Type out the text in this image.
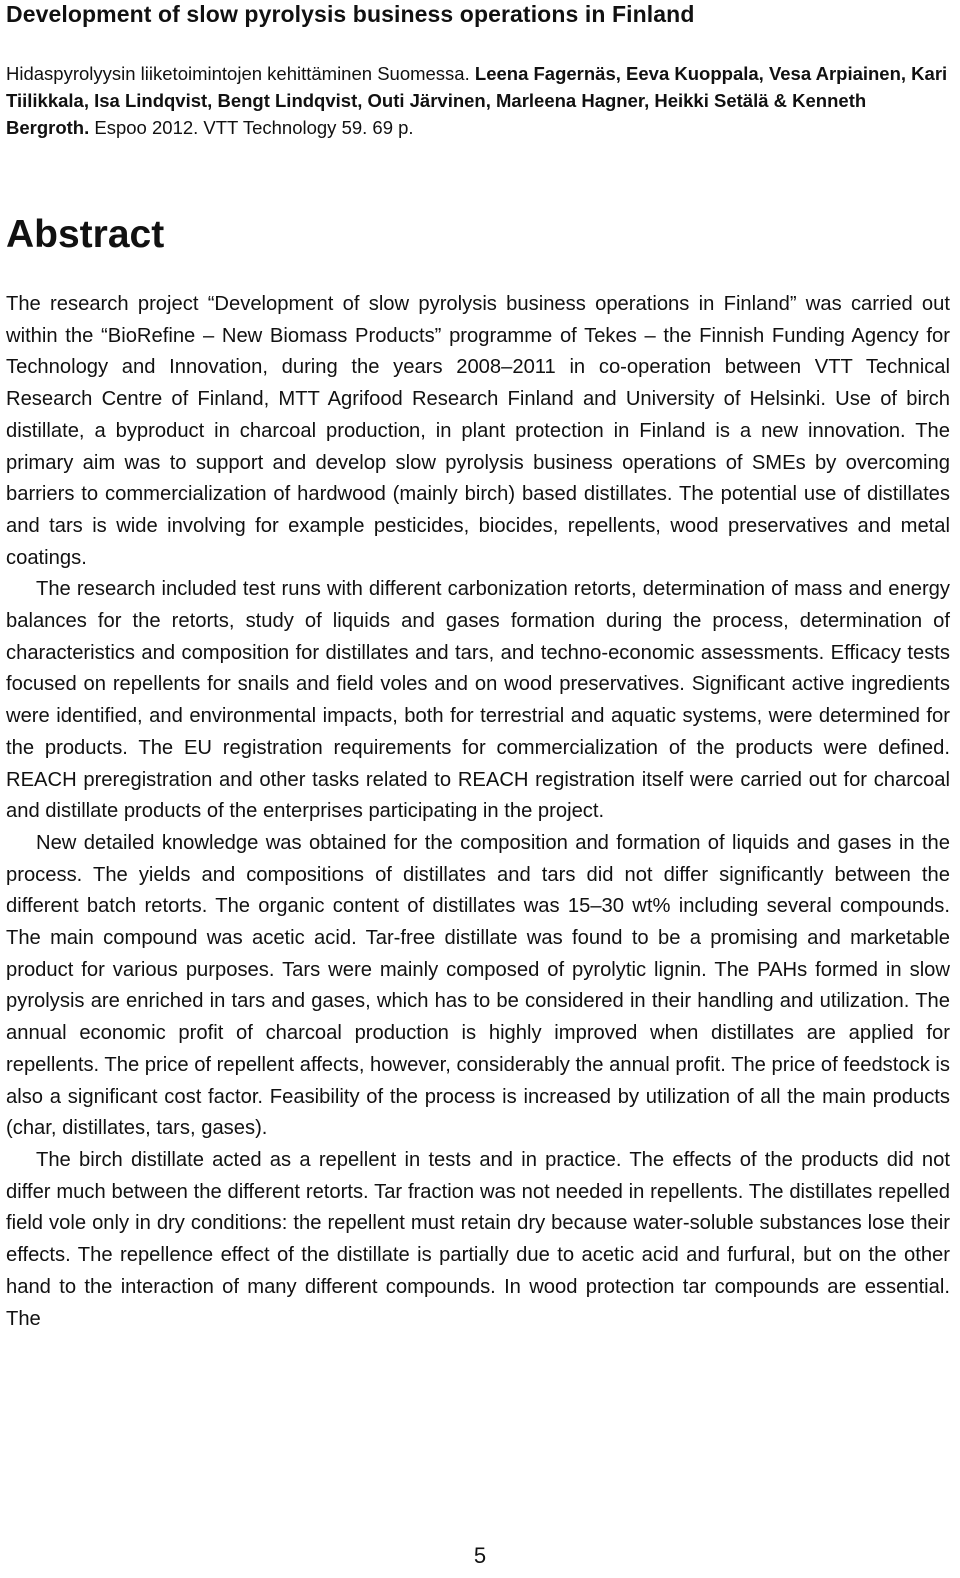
Development of slow pyrolysis business operations in Finland

Hidaspyrolyysin liiketoimintojen kehittäminen Suomessa. Leena Fagernäs, Eeva Kuoppala, Vesa Arpiainen, Kari Tiilikkala, Isa Lindqvist, Bengt Lindqvist, Outi Järvinen, Marleena Hagner, Heikki Setälä & Kenneth Bergroth. Espoo 2012. VTT Technology 59. 69 p.

Abstract

The research project “Development of slow pyrolysis business operations in Finland” was carried out within the “BioRefine – New Biomass Products” programme of Tekes – the Finnish Funding Agency for Technology and Innovation, during the years 2008–2011 in co-operation between VTT Technical Research Centre of Finland, MTT Agrifood Research Finland and University of Helsinki. Use of birch distillate, a byproduct in charcoal production, in plant protection in Finland is a new innovation. The primary aim was to support and develop slow pyrolysis business operations of SMEs by overcoming barriers to commercialization of hardwood (mainly birch) based distillates. The potential use of distillates and tars is wide involving for example pesticides, biocides, repellents, wood preservatives and metal coatings.

The research included test runs with different carbonization retorts, determination of mass and energy balances for the retorts, study of liquids and gases formation during the process, determination of characteristics and composition for distillates and tars, and techno-economic assessments. Efficacy tests focused on repellents for snails and field voles and on wood preservatives. Significant active ingredients were identified, and environmental impacts, both for terrestrial and aquatic systems, were determined for the products. The EU registration requirements for commercialization of the products were defined. REACH preregistration and other tasks related to REACH registration itself were carried out for charcoal and distillate products of the enterprises participating in the project.

New detailed knowledge was obtained for the composition and formation of liquids and gases in the process. The yields and compositions of distillates and tars did not differ significantly between the different batch retorts. The organic content of distillates was 15–30 wt% including several compounds. The main compound was acetic acid. Tar-free distillate was found to be a promising and marketable product for various purposes. Tars were mainly composed of pyrolytic lignin. The PAHs formed in slow pyrolysis are enriched in tars and gases, which has to be considered in their handling and utilization. The annual economic profit of charcoal production is highly improved when distillates are applied for repellents. The price of repellent affects, however, considerably the annual profit. The price of feedstock is also a significant cost factor. Feasibility of the process is increased by utilization of all the main products (char, distillates, tars, gases).

The birch distillate acted as a repellent in tests and in practice. The effects of the products did not differ much between the different retorts. Tar fraction was not needed in repellents. The distillates repelled field vole only in dry conditions: the repellent must retain dry because water-soluble substances lose their effects. The repellence effect of the distillate is partially due to acetic acid and furfural, but on the other hand to the interaction of many different compounds. In wood protection tar compounds are essential. The

5
